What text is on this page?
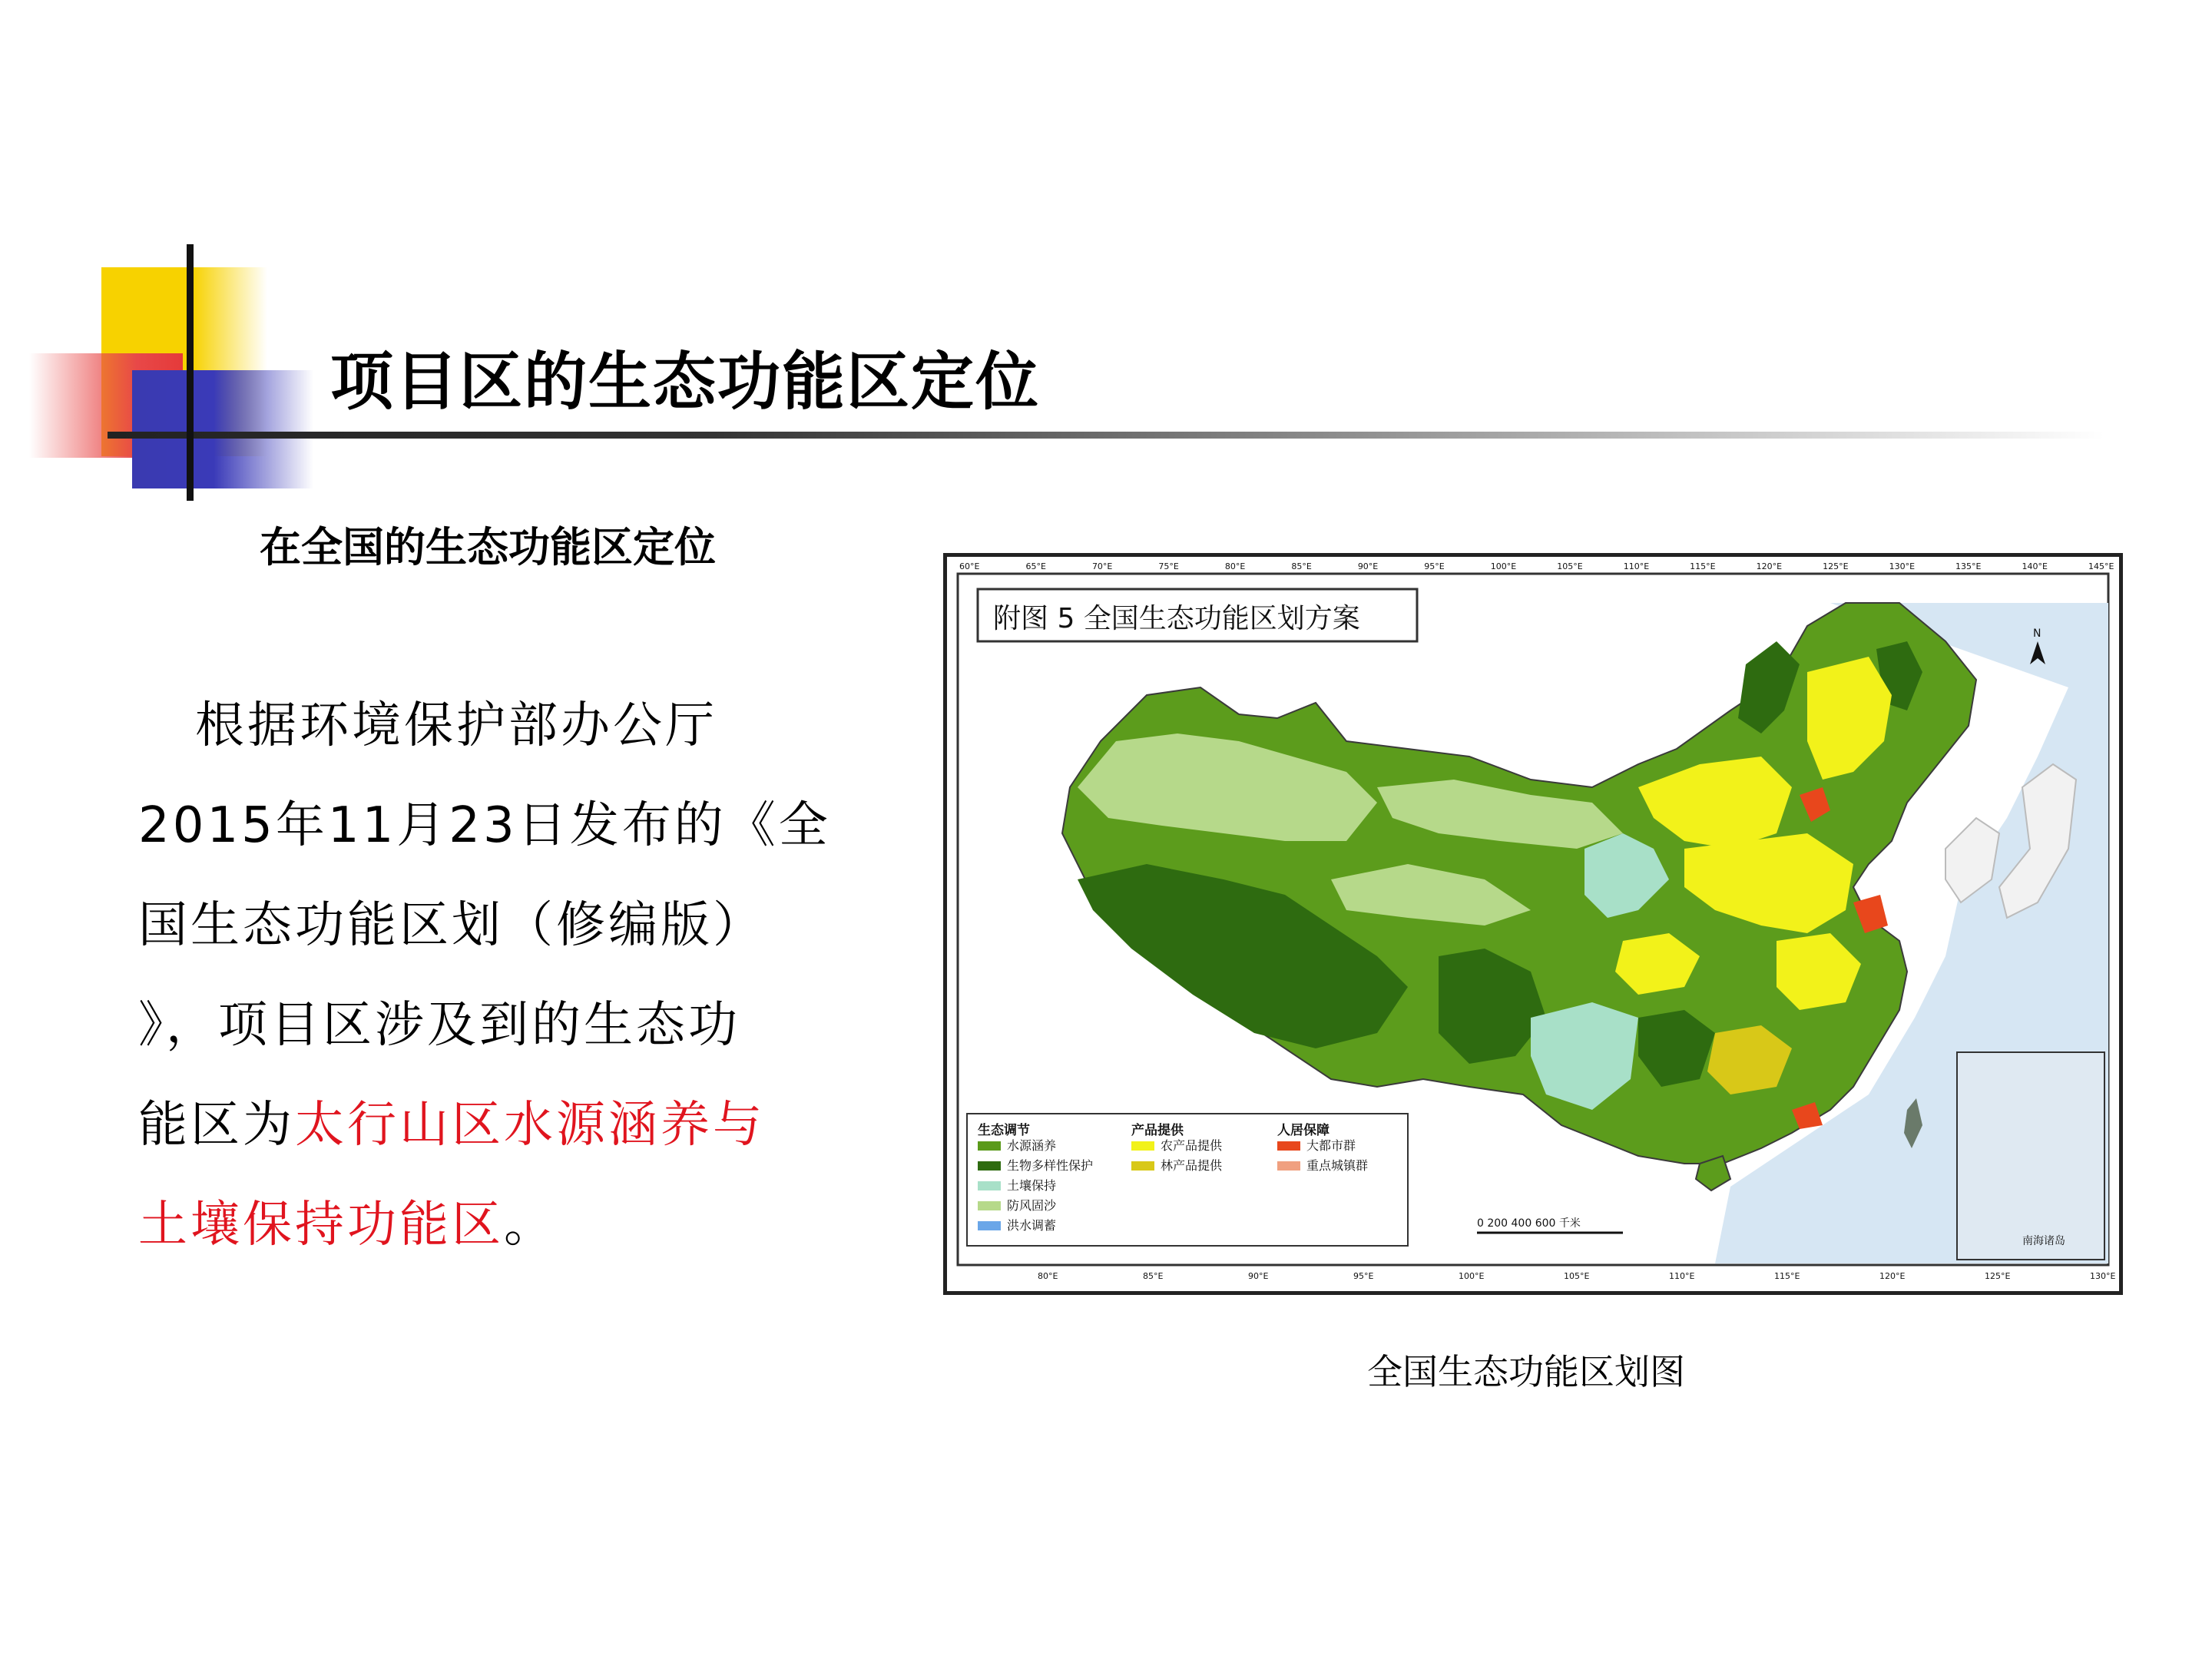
项目区的生态功能区定位
在全国的生态功能区定位
根据环境保护部办公厅
2015年11月23日发布的《全
国生态功能区划（修编版）
》，项目区涉及到的生态功
能区为太行山区水源涵养与
土壤保持功能区。
附图 5 全国生态功能区划方案	N
南海诸岛
生态调节
水源涵养
生物多样性保护
土壤保持
防风固沙
洪水调蓄
产品提供
农产品提供
林产品提供
人居保障
大都市群
重点城镇群
0 200 400 600 千米
60°E	65°E	70°E	75°E	80°E	85°E	90°E	95°E	100°E	105°E	110°E	115°E	120°E	125°E	130°E	135°E	140°E	145°E
80°E	85°E	90°E	95°E	100°E	105°E	110°E	115°E	120°E	125°E	130°E
全国生态功能区划图
